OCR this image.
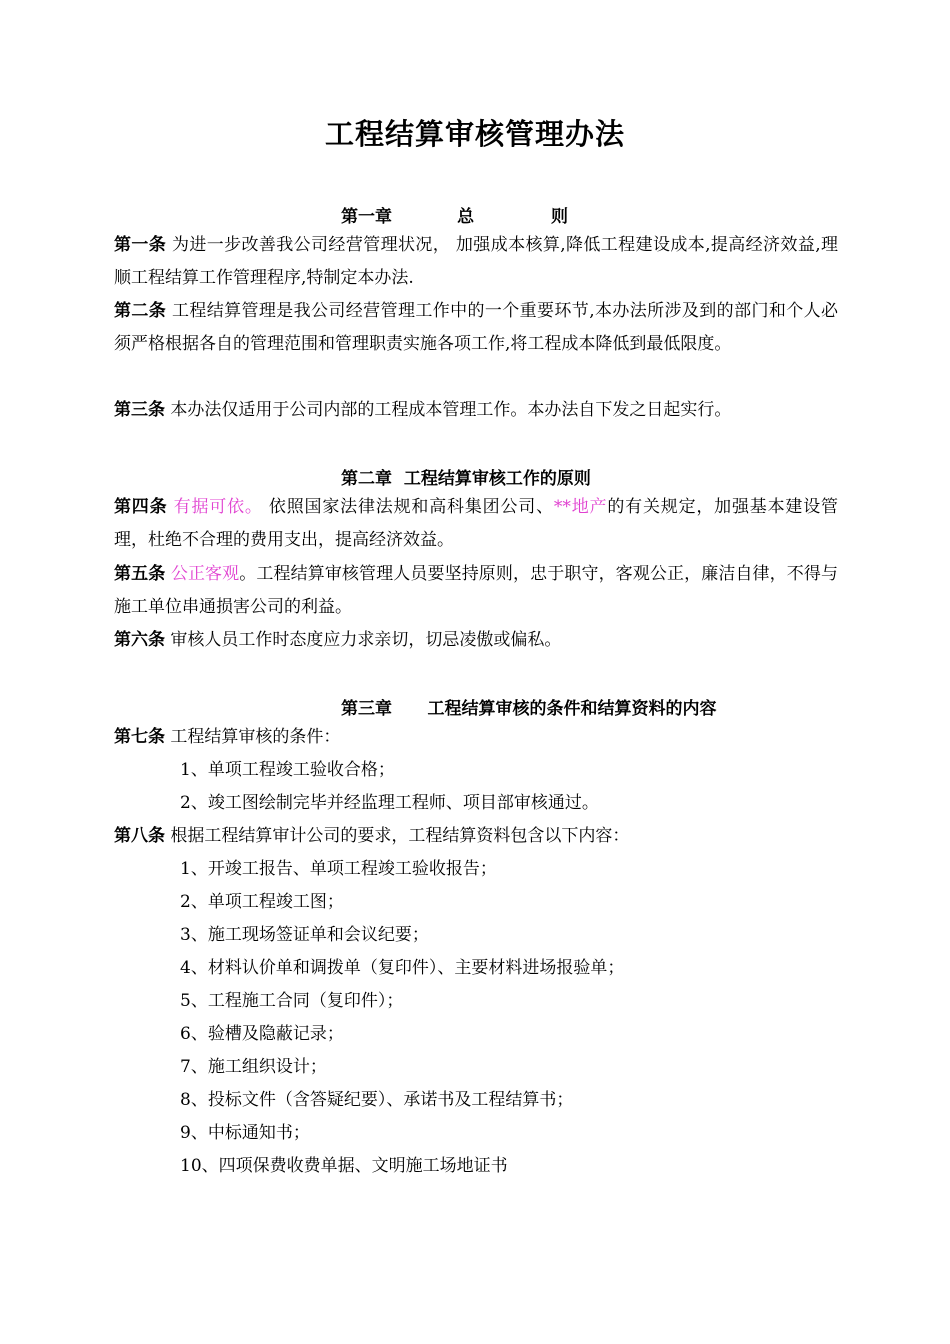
工程结算审核管理办法
第一章           总             则
第一条 为进一步改善我公司经营管理状况， 加强成本核算,降低工程建设成本,提高经济效益,理顺工程结算工作管理程序,特制定本办法.
第二条 工程结算管理是我公司经营管理工作中的一个重要环节,本办法所涉及到的部门和个人必须严格根据各自的管理范围和管理职责实施各项工作,将工程成本降低到最低限度。
第三条 本办法仅适用于公司内部的工程成本管理工作。本办法自下发之日起实行。
第二章  工程结算审核工作的原则
第四条 有据可依。 依照国家法律法规和高科集团公司、**地产的有关规定，加强基本建设管理，杜绝不合理的费用支出，提高经济效益。
第五条 公正客观。工程结算审核管理人员要坚持原则，忠于职守，客观公正，廉洁自律，不得与施工单位串通损害公司的利益。
第六条 审核人员工作时态度应力求亲切，切忌凌傲或偏私。
第三章      工程结算审核的条件和结算资料的内容
第七条 工程结算审核的条件：
1、单项工程竣工验收合格；
2、竣工图绘制完毕并经监理工程师、项目部审核通过。
第八条 根据工程结算审计公司的要求，工程结算资料包含以下内容：
1、开竣工报告、单项工程竣工验收报告；
2、单项工程竣工图；
3、施工现场签证单和会议纪要；
4、材料认价单和调拨单（复印件）、主要材料进场报验单；
5、工程施工合同（复印件）；
6、验槽及隐蔽记录；
7、施工组织设计；
8、投标文件（含答疑纪要）、承诺书及工程结算书；
9、中标通知书；
10、四项保费收费单据、文明施工场地证书
